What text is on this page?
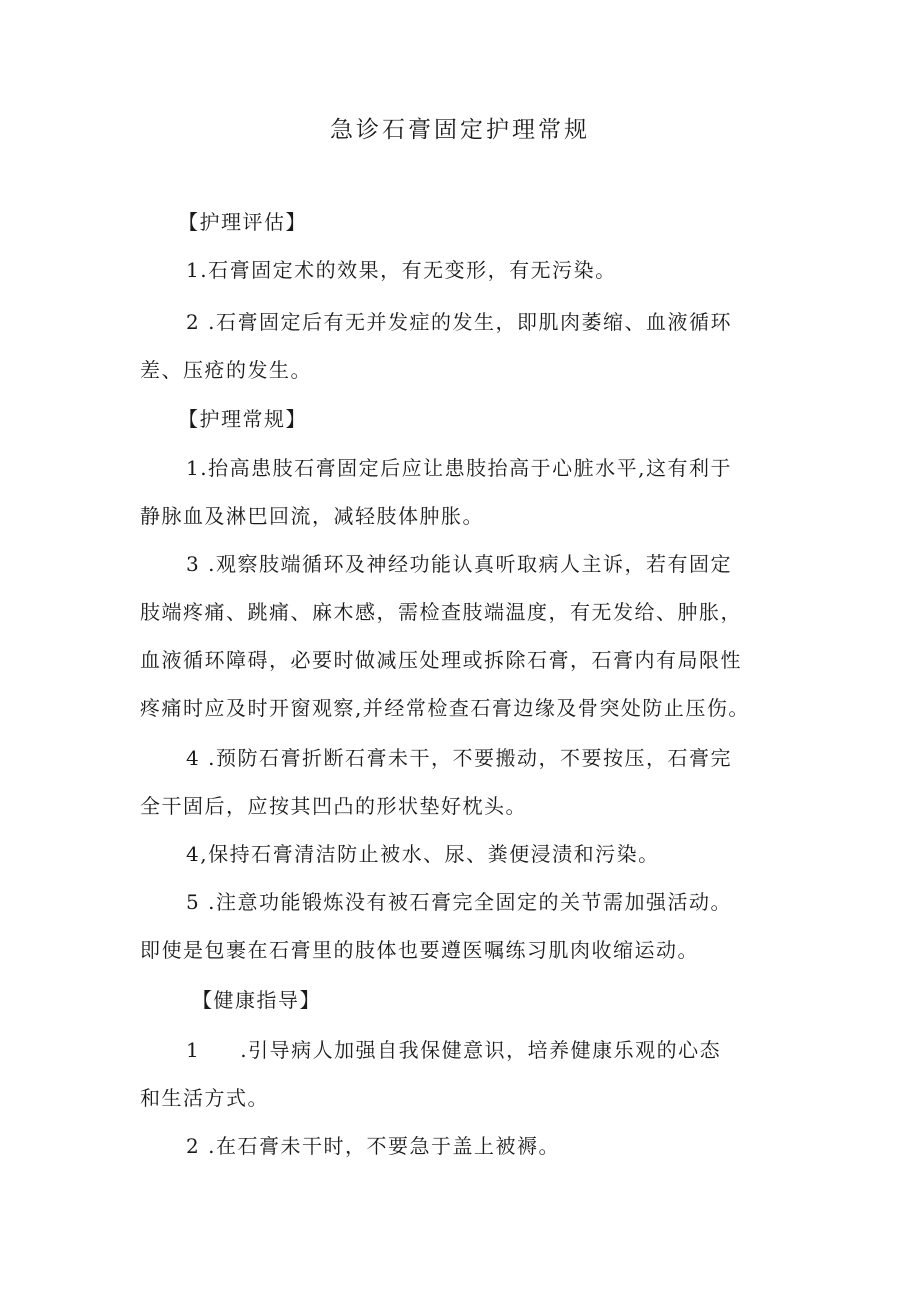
急诊石膏固定护理常规
【护理评估】
1.石膏固定术的效果，有无变形，有无污染。
2 .石膏固定后有无并发症的发生，即肌肉萎缩、血液循环
差、压疮的发生。
【护理常规】
1.抬高患肢石膏固定后应让患肢抬高于心脏水平,这有利于
静脉血及淋巴回流，减轻肢体肿胀。
3 .观察肢端循环及神经功能认真听取病人主诉，若有固定
肢端疼痛、跳痛、麻木感，需检查肢端温度，有无发给、肿胀，
血液循环障碍，必要时做减压处理或拆除石膏，石膏内有局限性
疼痛时应及时开窗观察,并经常检查石膏边缘及骨突处防止压伤。
4 .预防石膏折断石膏未干，不要搬动，不要按压，石膏完
全干固后，应按其凹凸的形状垫好枕头。
4,保持石膏清洁防止被水、尿、粪便浸渍和污染。
5 .注意功能锻炼没有被石膏完全固定的关节需加强活动。
即使是包裹在石膏里的肢体也要遵医嘱练习肌肉收缩运动。
【健康指导】
1 .引导病人加强自我保健意识，培养健康乐观的心态
和生活方式。
2 .在石膏未干时，不要急于盖上被褥。
